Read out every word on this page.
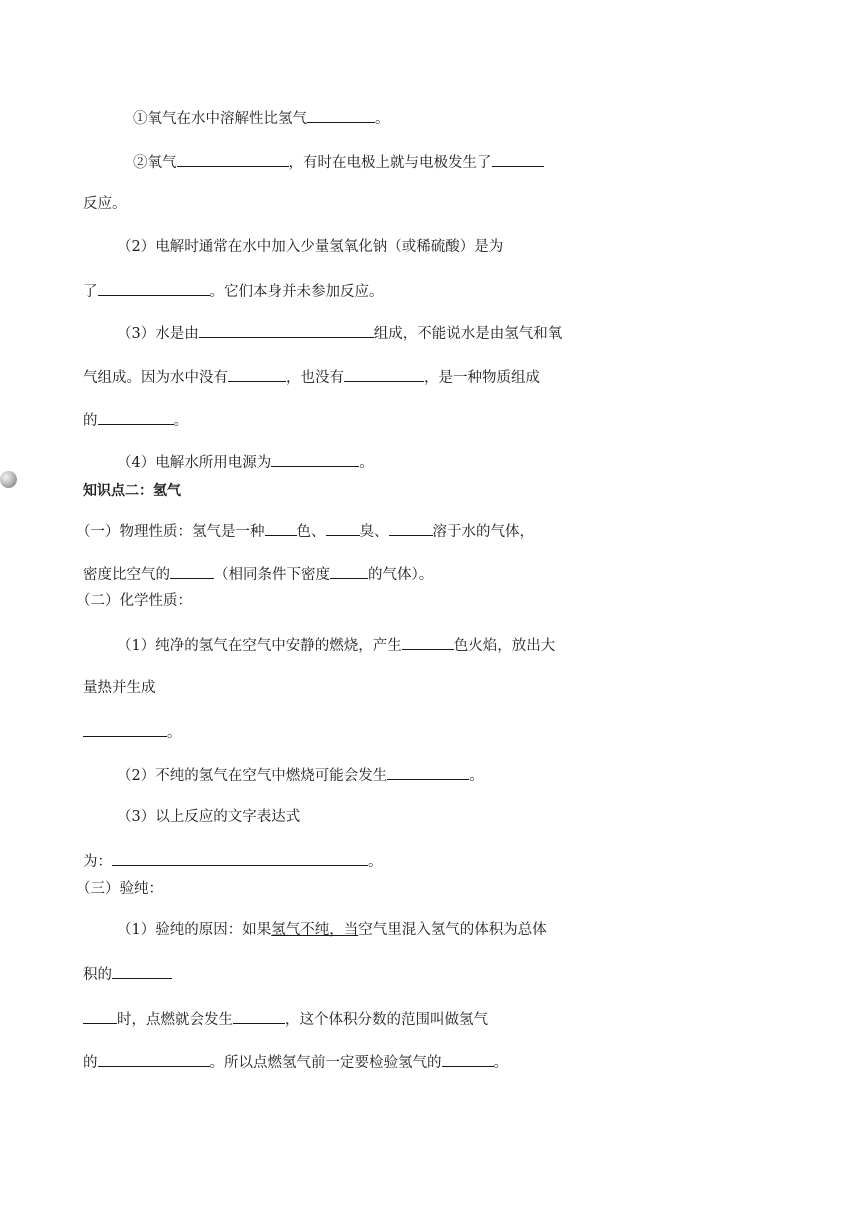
①氧气在水中溶解性比氢气	。
②氧气	，有时在电极上就与电极发生了
反应。
（2）电解时通常在水中加入少量氢氧化钠（或稀硫酸）是为
了	。它们本身并未参加反应。
（3）水是由	组成，不能说水是由氢气和氧
气组成。因为水中没有	，也没有	，是一种物质组成
的	。
（4）电解水所用电源为	。
知识点二：氢气
（一）物理性质：氢气是一种 色、 臭、	溶于水的气体，
密度比空气的	（相同条件下密度	的气体）。
（二）化学性质：
（1）纯净的氢气在空气中安静的燃烧，产生	色火焰，放出大
量热并生成
。
（2）不纯的氢气在空气中燃烧可能会发生	。
（3）以上反应的文字表达式
为：	。
（三）验纯：
（1）验纯的原因：如果氢气不纯，当空气里混入氢气的体积为总体
积的
时，点燃就会发生	，这个体积分数的范围叫做氢气
的	。所以点燃氢气前一定要检验氢气的	。
